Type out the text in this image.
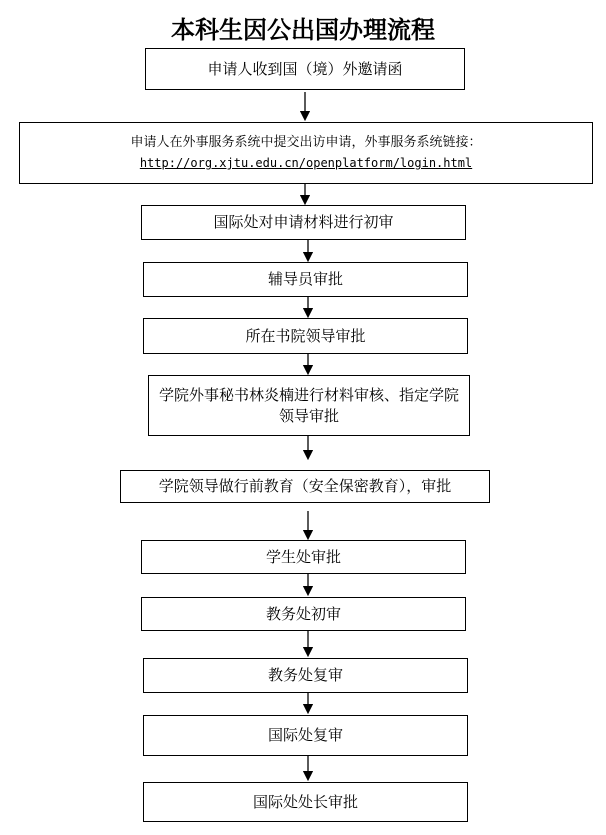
本科生因公出国办理流程
申请人收到国（境）外邀请函
申请人在外事服务系统中提交出访申请，外事服务系统链接：
http://org.xjtu.edu.cn/openplatform/login.html
国际处对申请材料进行初审
辅导员审批
所在书院领导审批
学院外事秘书林炎楠进行材料审核、指定学院领导审批
学院领导做行前教育（安全保密教育），审批
学生处审批
教务处初审
教务处复审
国际处复审
国际处处长审批
